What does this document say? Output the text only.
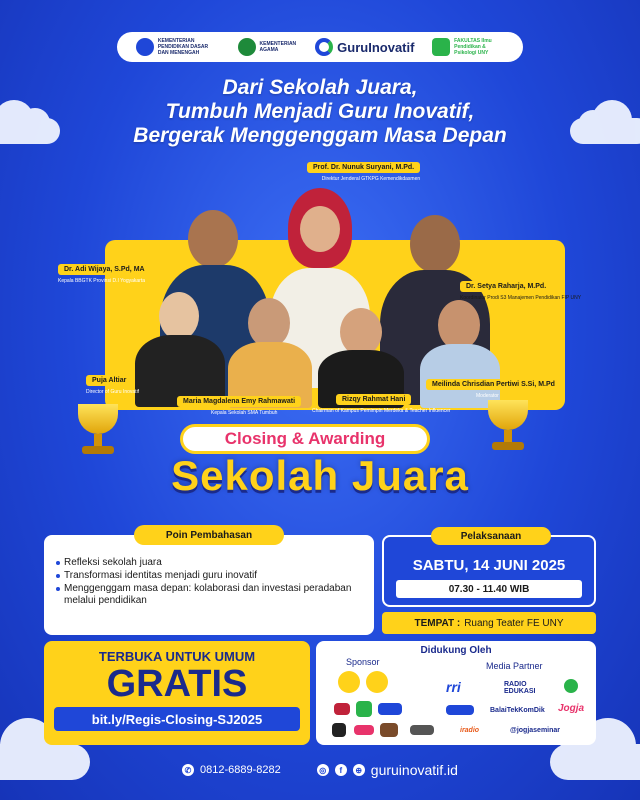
KEMENTERIAN PENDIDIKAN DASAR DAN MENENGAH
KEMENTERIAN AGAMA	GuruInovatif	FAKULTAS Ilmu Pendidikan & Psikologi UNY
Dari Sekolah Juara,
Tumbuh Menjadi Guru Inovatif,
Bergerak Menggenggam Masa Depan
Prof. Dr. Nunuk Suryani, M.Pd.
Direktur Jenderal GTKPG Kemendikdasmen
Dr. Adi Wijaya, S.Pd, MA
Kepala BBGTK Provinsi D.I Yogyakarta
Dr. Setya Raharja, M.Pd.
Koordinator Prodi S3 Manajemen Pendidikan FIP UNY
Puja Altiar
Director of Guru Inovatif
Maria Magdalena Emy Rahmawati
Kepala Sekolah SMA Tumbuh
Rizqy Rahmat Hani
Chairman of Kampus Pemimpin Merdeka & Teacher Influencer
Meilinda Chrisdian Pertiwi S.Si, M.Pd
Moderator
Closing & Awarding
Sekolah Juara
Poin Pembahasan
Refleksi sekolah juara
Transformasi identitas menjadi guru inovatif
Menggenggam masa depan: kolaborasi dan investasi peradaban melalui pendidikan
Pelaksanaan
SABTU, 14 JUNI 2025
07.30 - 11.40 WIB
TEMPAT : Ruang Teater FE UNY
TERBUKA UNTUK UMUM
GRATIS
bit.ly/Regis-Closing-SJ2025
Didukung Oleh
Sponsor	Media Partner
rri	RADIO EDUKASI
BalaiTekKomDik Jogja
iradio	@jogjaseminar
✆ 0812-6889-8282	◎	f	⊕ guruinovatif.id
